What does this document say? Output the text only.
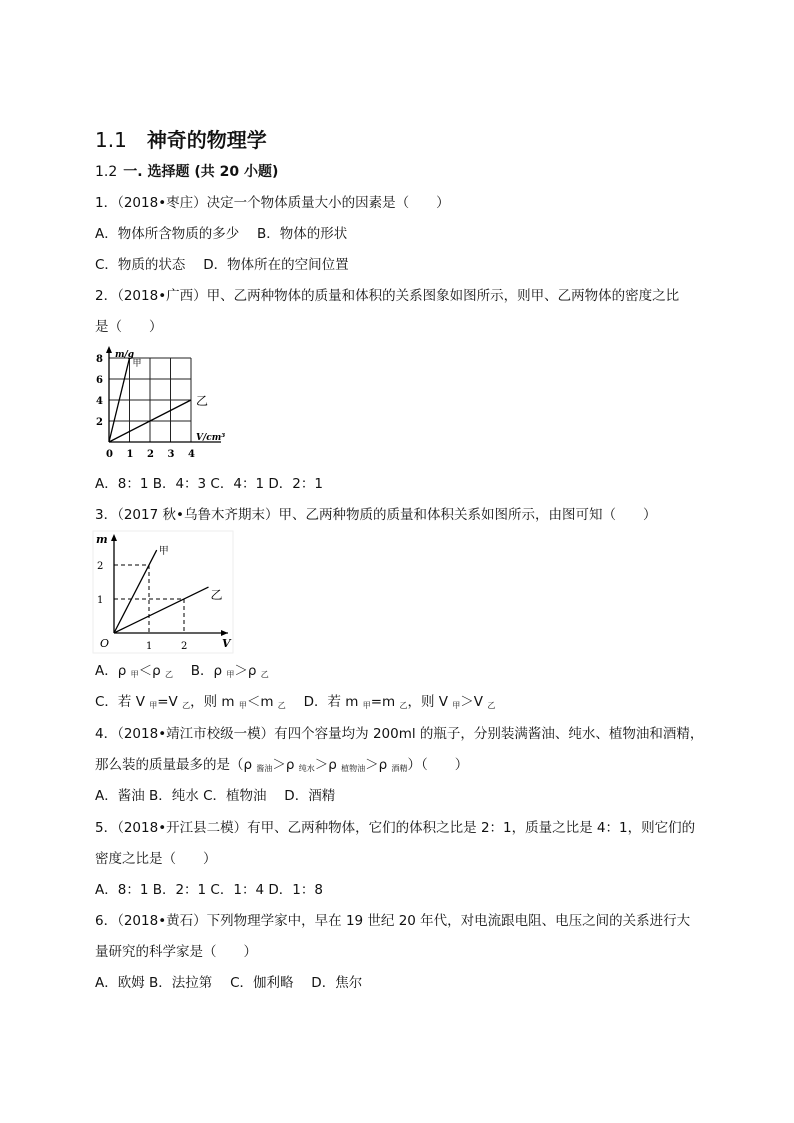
1.1 神奇的物理学
1.2 一. 选择题 (共 20 小题)
1．（2018•枣庄）决定一个物体质量大小的因素是（　　）
A．物体所含物质的多少　 B．物体的形状
C．物质的状态　 D．物体所在的空间位置
2．（2018•广西）甲、乙两种物体的质量和体积的关系图象如图所示，则甲、乙两物体的密度之比
是（　　）
0 1 2 3 4
2
4
6
8 m/g
V/cm³
甲
乙
A．8：1 B．4：3 C．4：1 D．2：1
3．（2017 秋•乌鲁木齐期末）甲、乙两种物质的质量和体积关系如图所示，由图可知（　　）
甲
乙
O	1	2
1
2
m
V
A．ρ $_甲$＜ρ $_乙$　 B．ρ $_甲$＞ρ $_乙$
C．若 V $_甲$=V $_乙$，则 m $_甲$＜m $_乙$　 D．若 m $_甲$=m $_乙$，则 V $_甲$＞V $_乙$
4．（2018•靖江市校级一模）有四个容量均为 200ml 的瓶子，分别装满酱油、纯水、植物油和酒精，
那么装的质量最多的是（ρ $_{酱油}$＞ρ $_{纯水}$＞ρ $_{植物油}$＞ρ $_{酒精}$）（　　）
A．酱油 B．纯水 C．植物油　 D．酒精
5．（2018•开江县二模）有甲、乙两种物体，它们的体积之比是 2：1，质量之比是 4：1，则它们的
密度之比是（　　）
A．8：1 B．2：1 C．1：4 D．1：8
6．（2018•黄石）下列物理学家中，早在 19 世纪 20 年代，对电流跟电阻、电压之间的关系进行大
量研究的科学家是（　　）
A．欧姆 B．法拉第　 C．伽利略　 D．焦尔
